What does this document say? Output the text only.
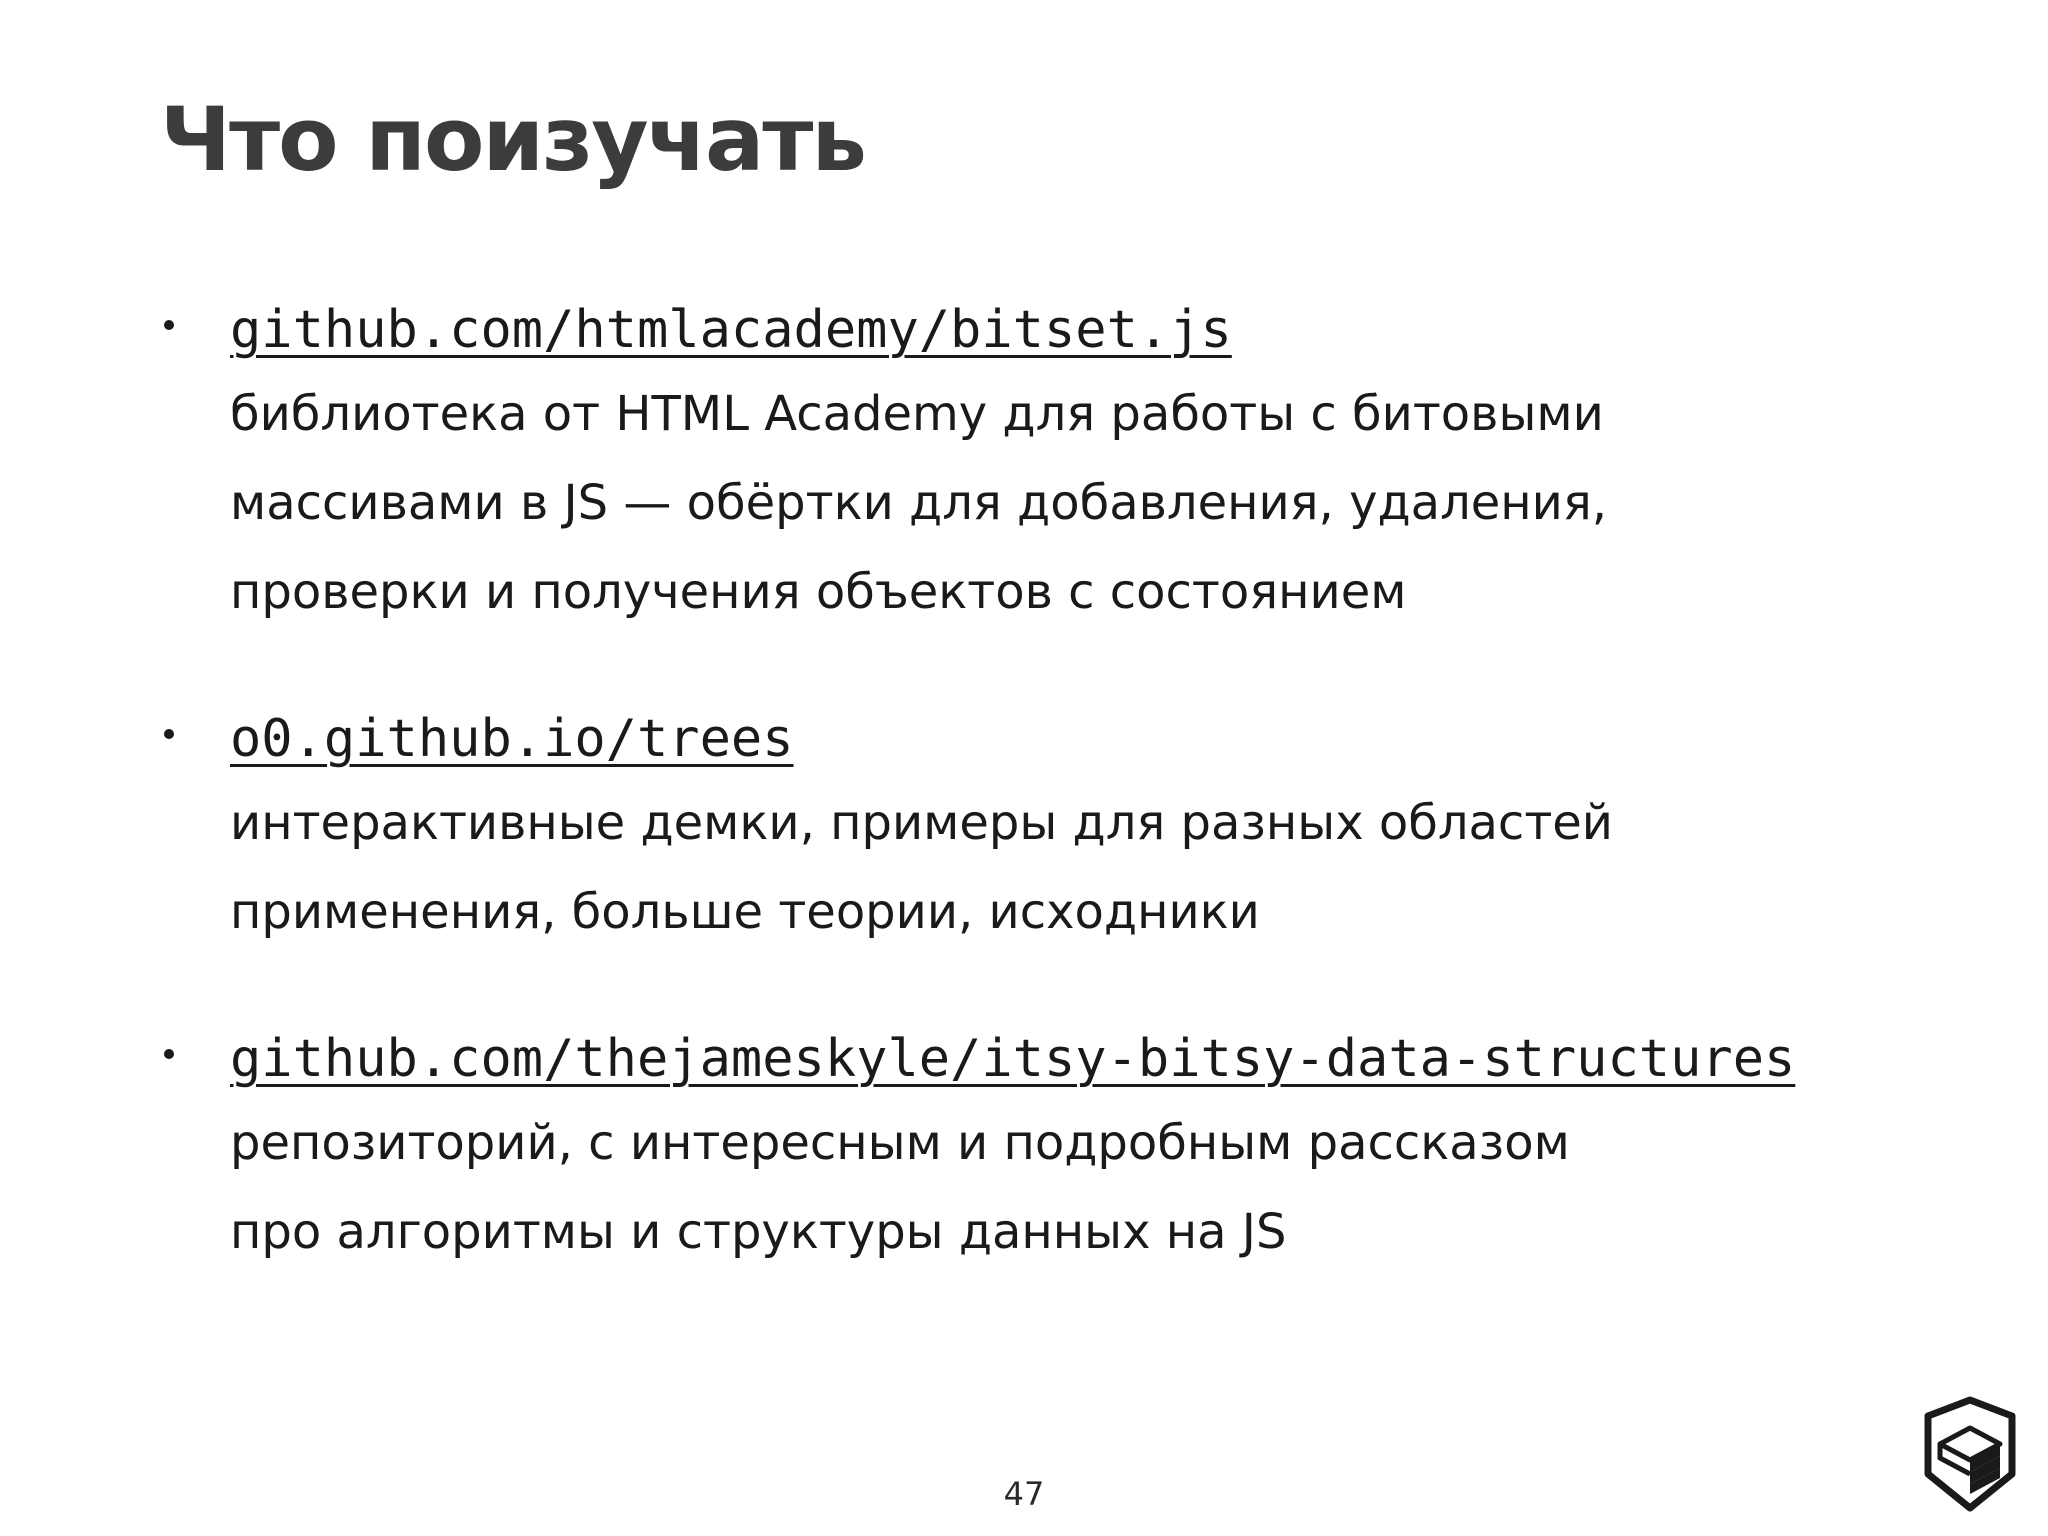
Что поизучать
github.com/htmlacademy/bitset.js
библиотека от HTML Academy для работы с битовыми
массивами в JS — обёртки для добавления, удаления,
проверки и получения объектов с состоянием
o0.github.io/trees
интерактивные демки, примеры для разных областей
применения, больше теории, исходники
github.com/thejameskyle/itsy-bitsy-data-structures
репозиторий, с интересным и подробным рассказом
про алгоритмы и структуры данных на JS
47
